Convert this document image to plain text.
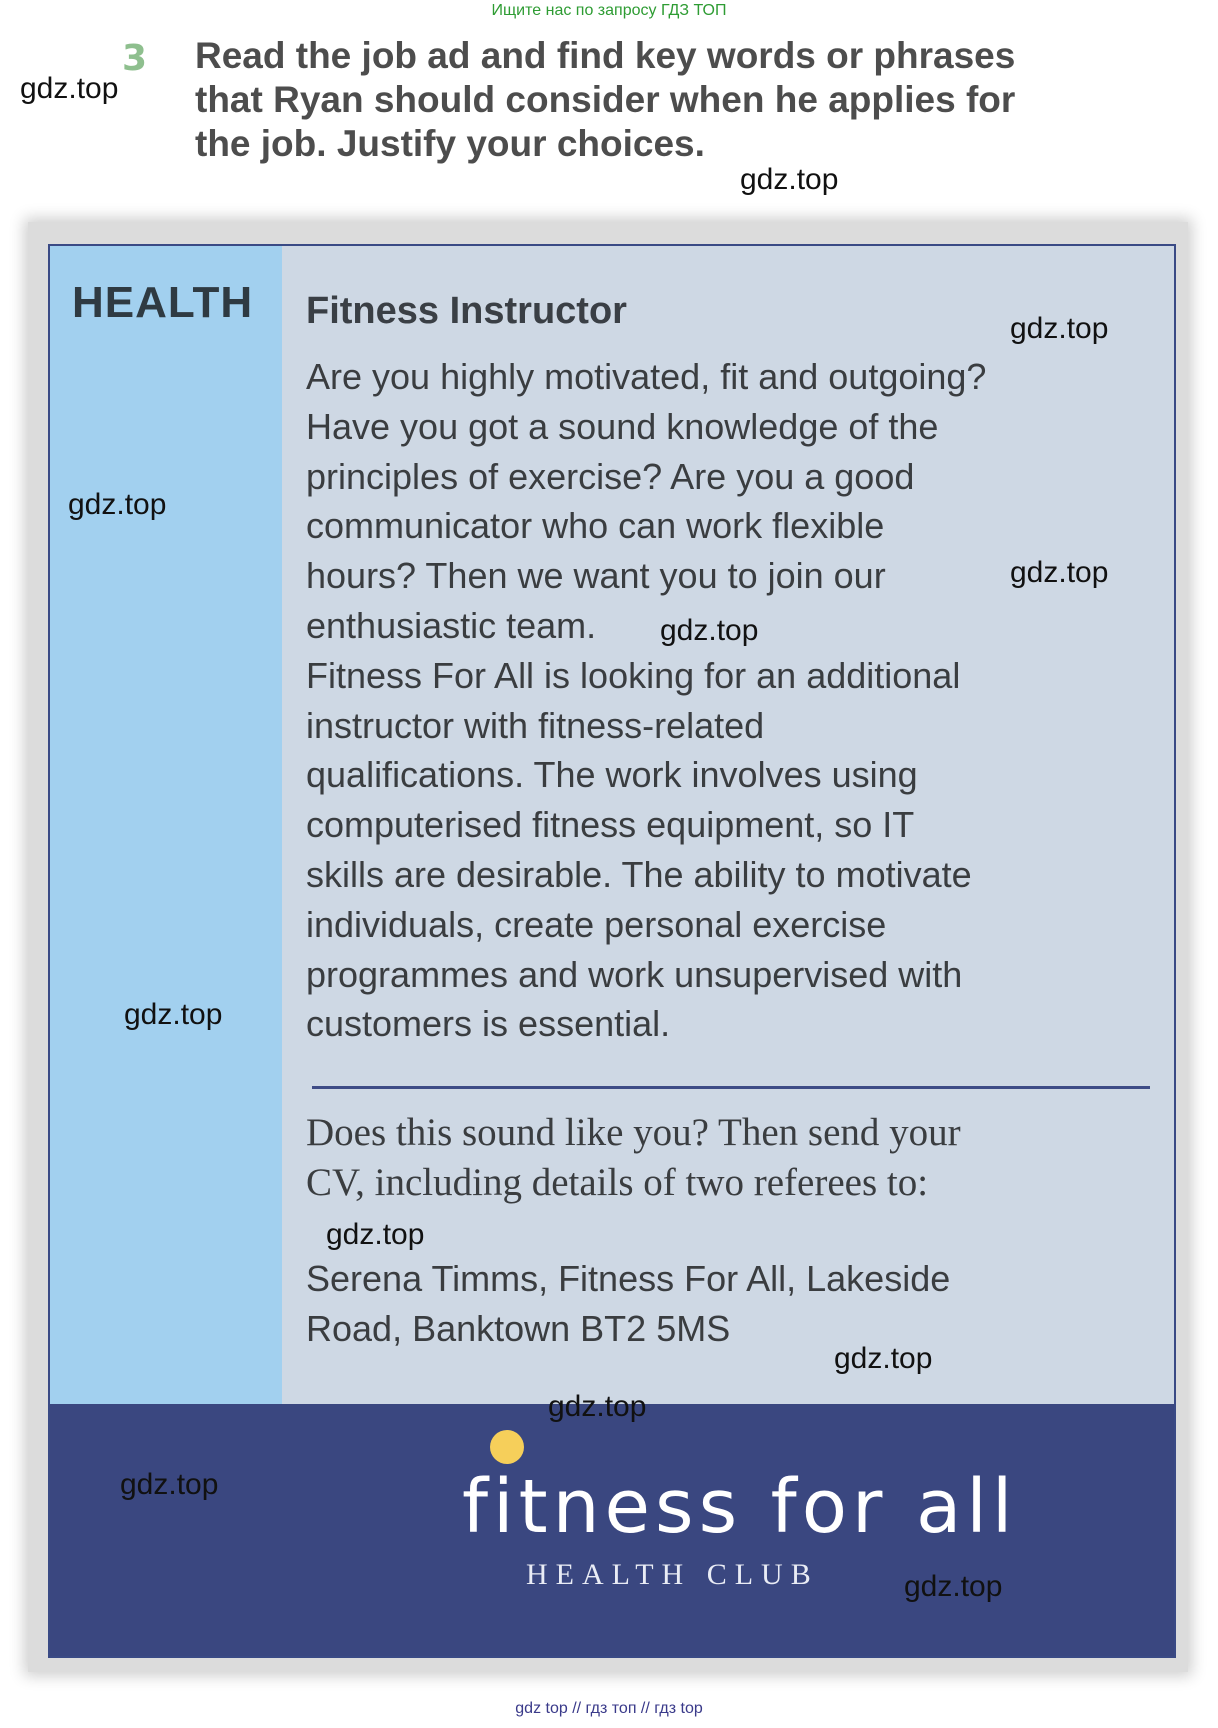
Ищите нас по запросу ГДЗ ТОП
3 Read the job ad and find key words or phrases
that Ryan should consider when he applies for
the job. Justify your choices.
HEALTH Fitness Instructor

Are you highly motivated, fit and outgoing?

Have you got a sound knowledge of the

principles of exercise? Are you a good

communicator who can work flexible

hours? Then we want you to join our

enthusiastic team.

Fitness For All is looking for an additional

instructor with fitness-related

qualifications. The work involves using

computerised fitness equipment, so IT

skills are desirable. The ability to motivate

individuals, create personal exercise

programmes and work unsupervised with

customers is essential.

Does this sound like you? Then send your
CV, including details of two referees to:
Serena Timms, Fitness For All, Lakeside
Road, Banktown BT2 5MS
fitness for all
HEALTH CLUB
gdz.top
gdz.top
gdz.top
gdz.top
gdz.top
gdz.top
gdz.top
gdz.top
gdz.top
gdz.top
gdz.top
gdz.top
gdz top // гдз топ // гдз top
